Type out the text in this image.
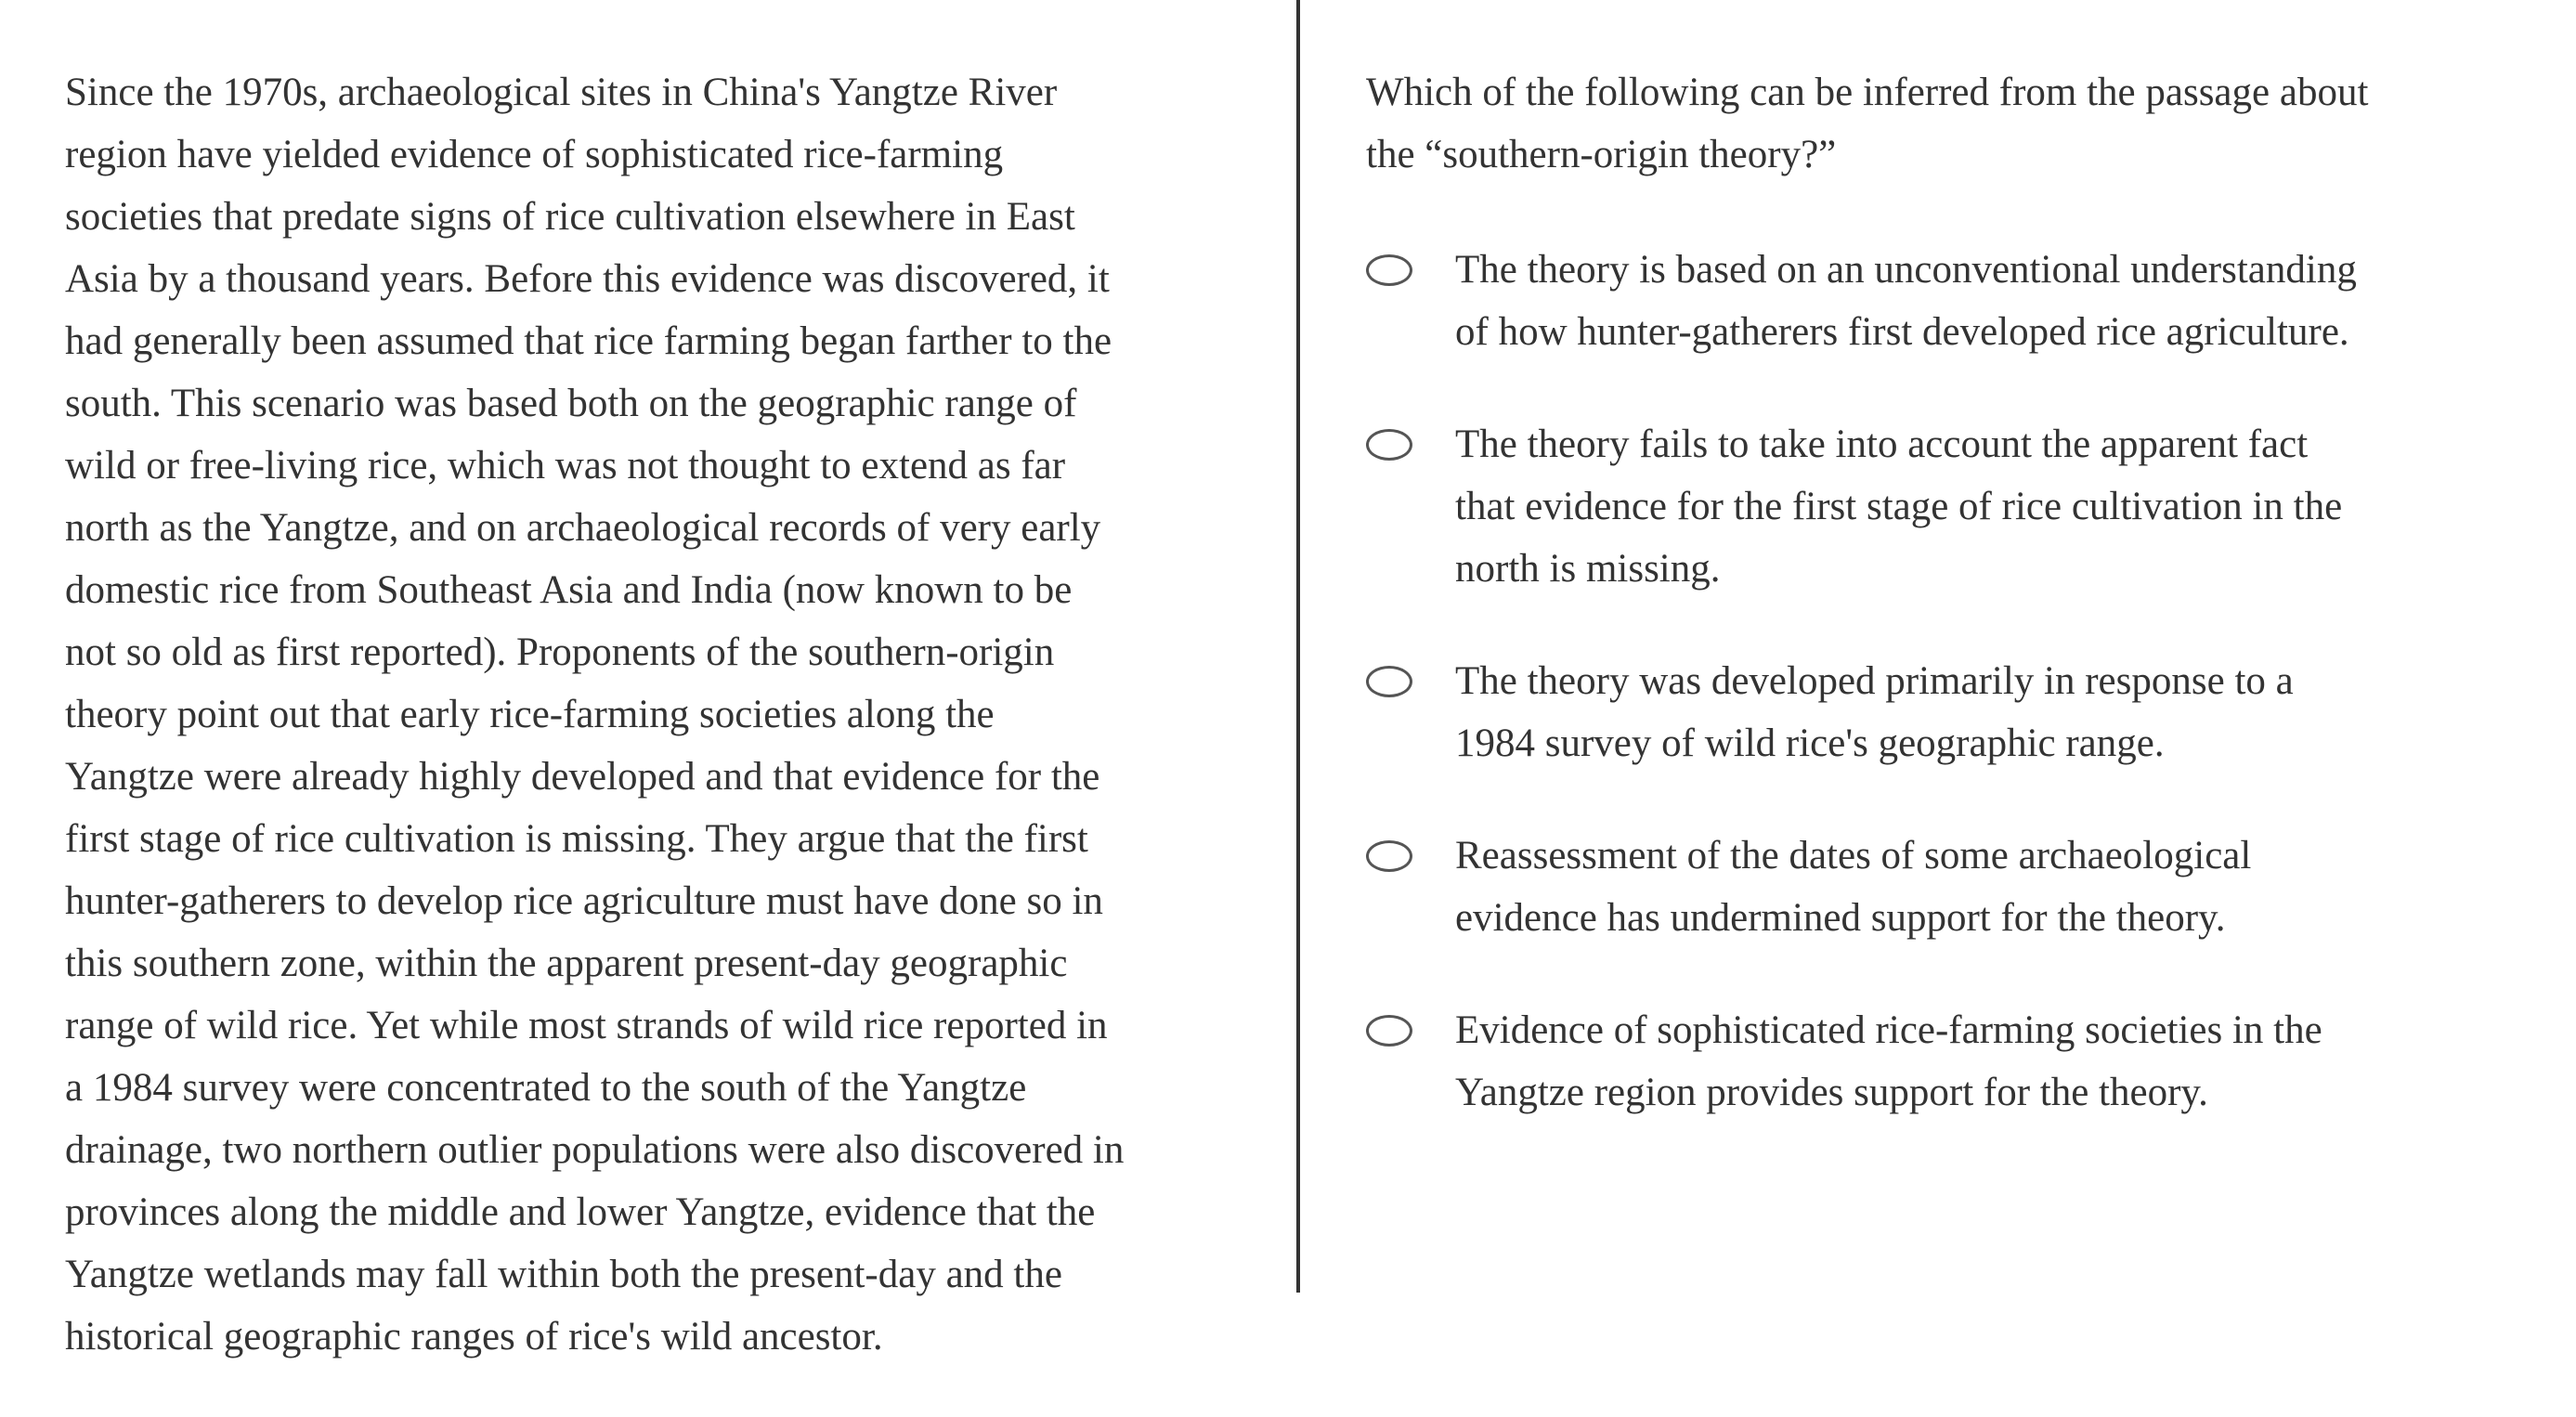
Since the 1970s, archaeological sites in China's Yangtze River
region have yielded evidence of sophisticated rice-farming
societies that predate signs of rice cultivation elsewhere in East
Asia by a thousand years. Before this evidence was discovered, it
had generally been assumed that rice farming began farther to the
south. This scenario was based both on the geographic range of
wild or free-living rice, which was not thought to extend as far
north as the Yangtze, and on archaeological records of very early
domestic rice from Southeast Asia and India (now known to be
not so old as first reported). Proponents of the southern-origin
theory point out that early rice-farming societies along the
Yangtze were already highly developed and that evidence for the
first stage of rice cultivation is missing. They argue that the first
hunter-gatherers to develop rice agriculture must have done so in
this southern zone, within the apparent present-day geographic
range of wild rice. Yet while most strands of wild rice reported in
a 1984 survey were concentrated to the south of the Yangtze
drainage, two northern outlier populations were also discovered in
provinces along the middle and lower Yangtze, evidence that the
Yangtze wetlands may fall within both the present-day and the
historical geographic ranges of rice's wild ancestor.
Which of the following can be inferred from the passage about
the “southern-origin theory?”
The theory is based on an unconventional understanding
of how hunter-gatherers first developed rice agriculture.
The theory fails to take into account the apparent fact
that evidence for the first stage of rice cultivation in the
north is missing.
The theory was developed primarily in response to a
1984 survey of wild rice's geographic range.
Reassessment of the dates of some archaeological
evidence has undermined support for the theory.
Evidence of sophisticated rice-farming societies in the
Yangtze region provides support for the theory.
